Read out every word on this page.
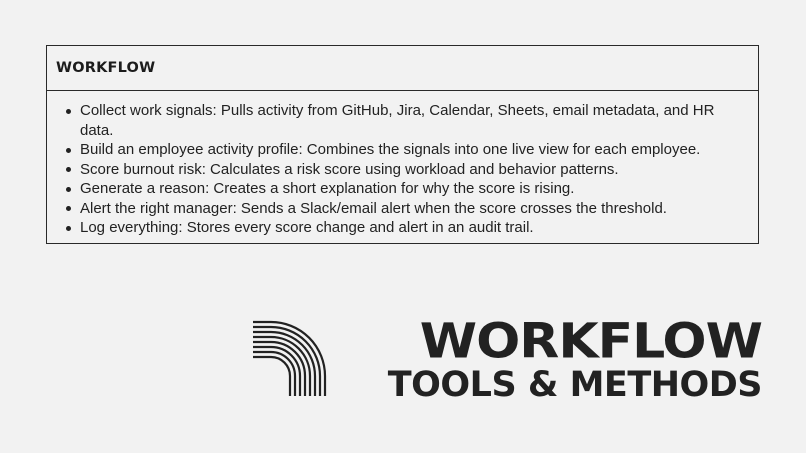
WORKFLOW
Collect work signals: Pulls activity from GitHub, Jira, Calendar, Sheets, email metadata, and HR data.
Build an employee activity profile: Combines the signals into one live view for each employee.
Score burnout risk: Calculates a risk score using workload and behavior patterns.
Generate a reason: Creates a short explanation for why the score is rising.
Alert the right manager: Sends a Slack/email alert when the score crosses the threshold.
Log everything: Stores every score change and alert in an audit trail.
WORKFLOW
TOOLS & METHODS
